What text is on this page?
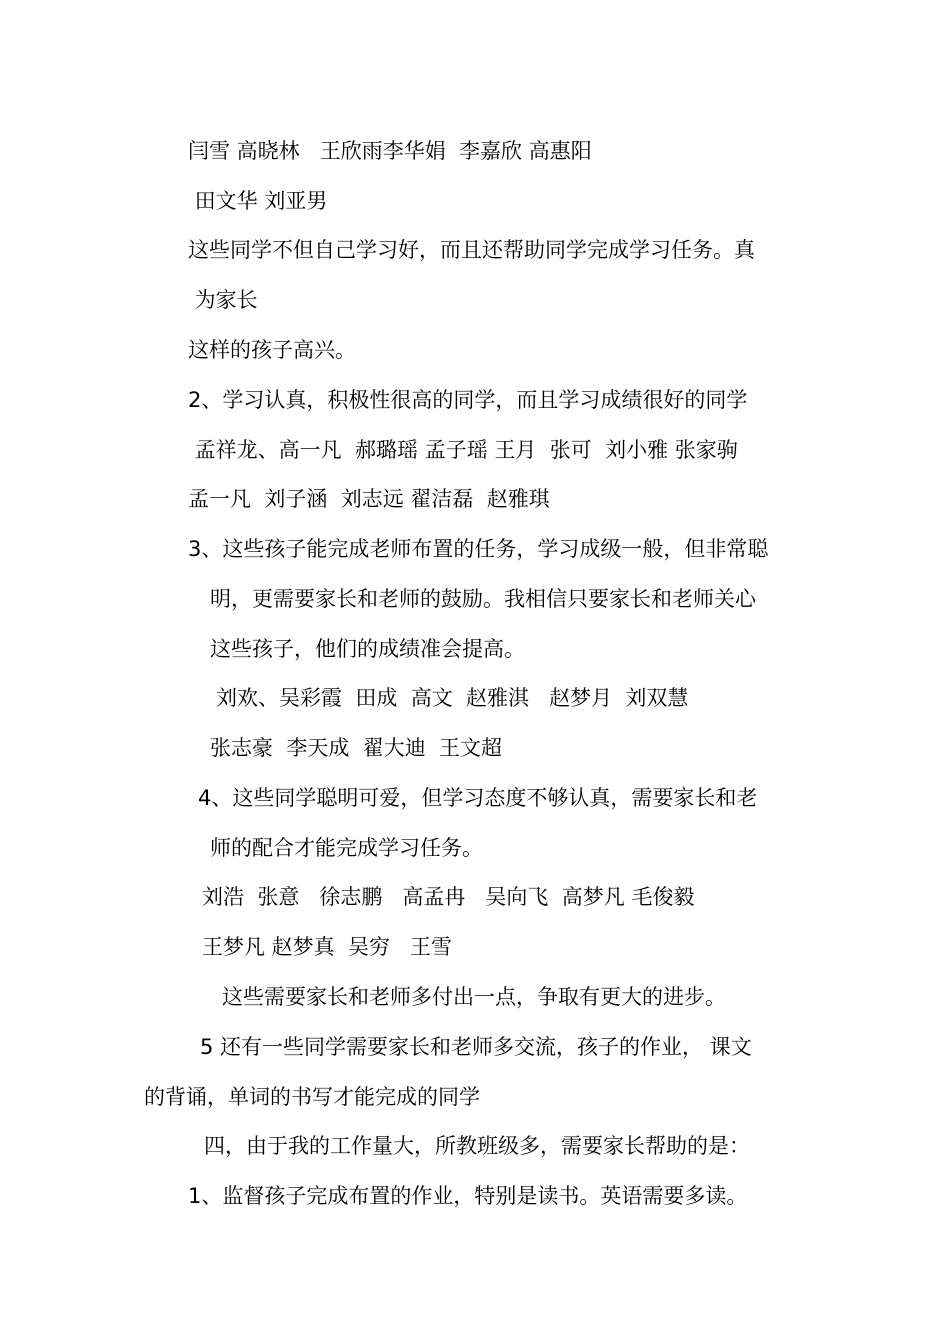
闫雪 高晓林   王欣雨李华娟  李嘉欣 高惠阳
田文华 刘亚男
这些同学不但自己学习好，而且还帮助同学完成学习任务。真
为家长
这样的孩子高兴。
2、学习认真，积极性很高的同学，而且学习成绩很好的同学
孟祥龙、高一凡  郝璐瑶 孟子瑶 王月  张可  刘小雅 张家驹
孟一凡  刘子涵  刘志远 翟洁磊  赵雅琪
3、这些孩子能完成老师布置的任务，学习成级一般，但非常聪
明，更需要家长和老师的鼓励。我相信只要家长和老师关心
这些孩子，他们的成绩准会提高。
刘欢、吴彩霞  田成  高文  赵雅淇   赵梦月  刘双慧
张志豪  李天成  翟大迪  王文超
4、这些同学聪明可爱，但学习态度不够认真，需要家长和老
师的配合才能完成学习任务。
刘浩  张意   徐志鹏   高孟冉   吴向飞  高梦凡 毛俊毅
王梦凡 赵梦真  吴穷   王雪
这些需要家长和老师多付出一点，争取有更大的进步。
5 还有一些同学需要家长和老师多交流，孩子的作业， 课文
的背诵，单词的书写才能完成的同学
四，由于我的工作量大，所教班级多，需要家长帮助的是：
1、监督孩子完成布置的作业，特别是读书。英语需要多读。
